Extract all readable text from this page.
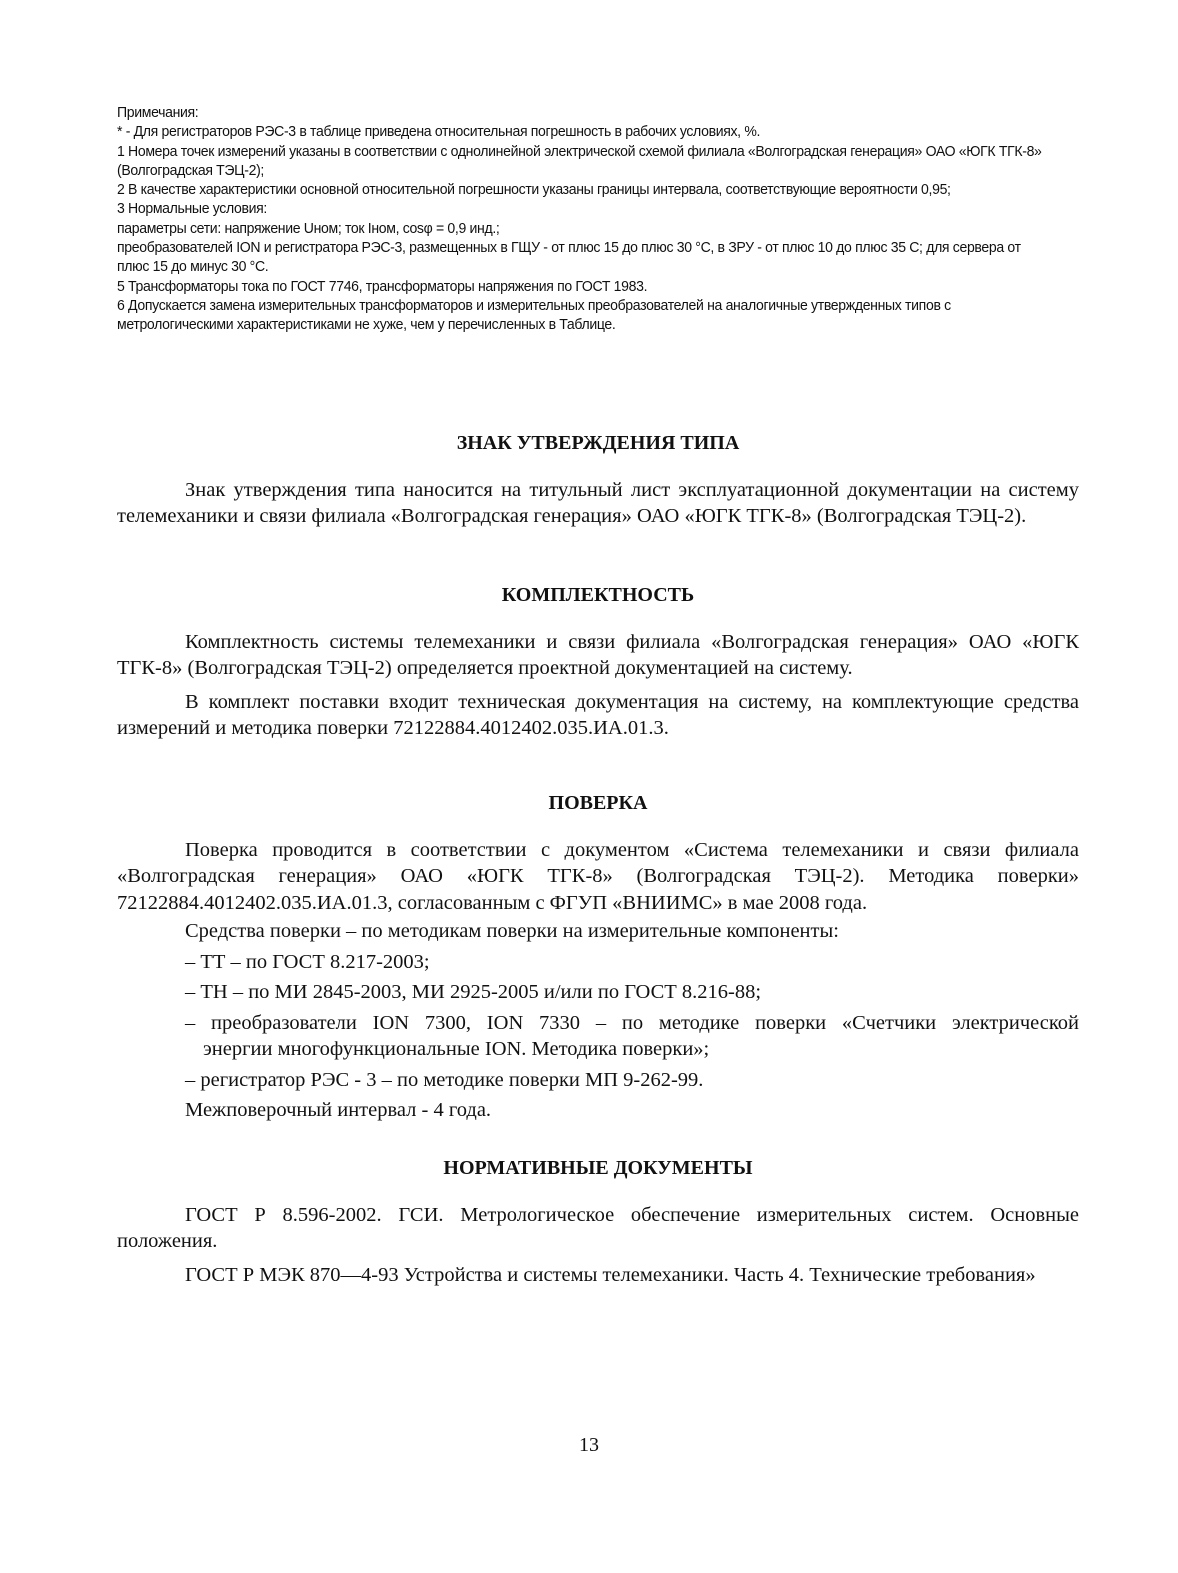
Примечания:

* - Для регистраторов РЭС-3 в таблице приведена относительная погрешность в рабочих условиях, %.

1 Номера точек измерений указаны в соответствии с однолинейной электрической схемой филиала «Волгоградская генерация» ОАО «ЮГК ТГК-8» (Волгоградская ТЭЦ-2);

2 В качестве характеристики основной относительной погрешности указаны границы интервала, соответствующие вероятности 0,95;

3 Нормальные условия:

параметры сети: напряжение Uном; ток Iном, cosφ = 0,9 инд.;

преобразователей ION и регистратора РЭС-3, размещенных в ГЩУ - от плюс 15 до плюс 30 °С, в ЗРУ - от плюс 10 до плюс 35 С; для сервера от плюс 15 до минус 30 °С.

5 Трансформаторы тока по ГОСТ 7746, трансформаторы напряжения по ГОСТ 1983.

6 Допускается замена измерительных трансформаторов и измерительных преобразователей на аналогичные утвержденных типов с метрологическими характеристиками не хуже, чем у перечисленных в Таблице.

ЗНАК УТВЕРЖДЕНИЯ ТИПА

Знак утверждения типа наносится на титульный лист эксплуатационной документации на систему телемеханики и связи филиала «Волгоградская генерация» ОАО «ЮГК ТГК-8» (Волгоградская ТЭЦ-2).

КОМПЛЕКТНОСТЬ

Комплектность системы телемеханики и связи филиала «Волгоградская генерация» ОАО «ЮГК ТГК-8» (Волгоградская ТЭЦ-2) определяется проектной документацией на систему.

В комплект поставки входит техническая документация на систему, на комплектующие средства измерений и методика поверки 72122884.4012402.035.ИА.01.3.

ПОВЕРКА

Поверка проводится в соответствии с документом «Система телемеханики и связи филиала «Волгоградская генерация» ОАО «ЮГК ТГК-8» (Волгоградская ТЭЦ-2). Методика поверки» 72122884.4012402.035.ИА.01.3, согласованным с ФГУП «ВНИИМС» в мае 2008 года.

Средства поверки – по методикам поверки на измерительные компоненты:

– ТТ – по ГОСТ 8.217-2003;

– ТН – по МИ 2845-2003, МИ 2925-2005 и/или по ГОСТ 8.216-88;

– преобразователи ION 7300, ION 7330 – по методике поверки «Счетчики электрической

энергии многофункциональные ION. Методика поверки»;

– регистратор РЭС - 3 – по методике поверки МП 9-262-99.

Межповерочный интервал - 4 года.

НОРМАТИВНЫЕ ДОКУМЕНТЫ

ГОСТ Р 8.596-2002. ГСИ. Метрологическое обеспечение измерительных систем. Основные положения.

ГОСТ Р МЭК 870—4-93 Устройства и системы телемеханики. Часть 4. Технические требования»

13
